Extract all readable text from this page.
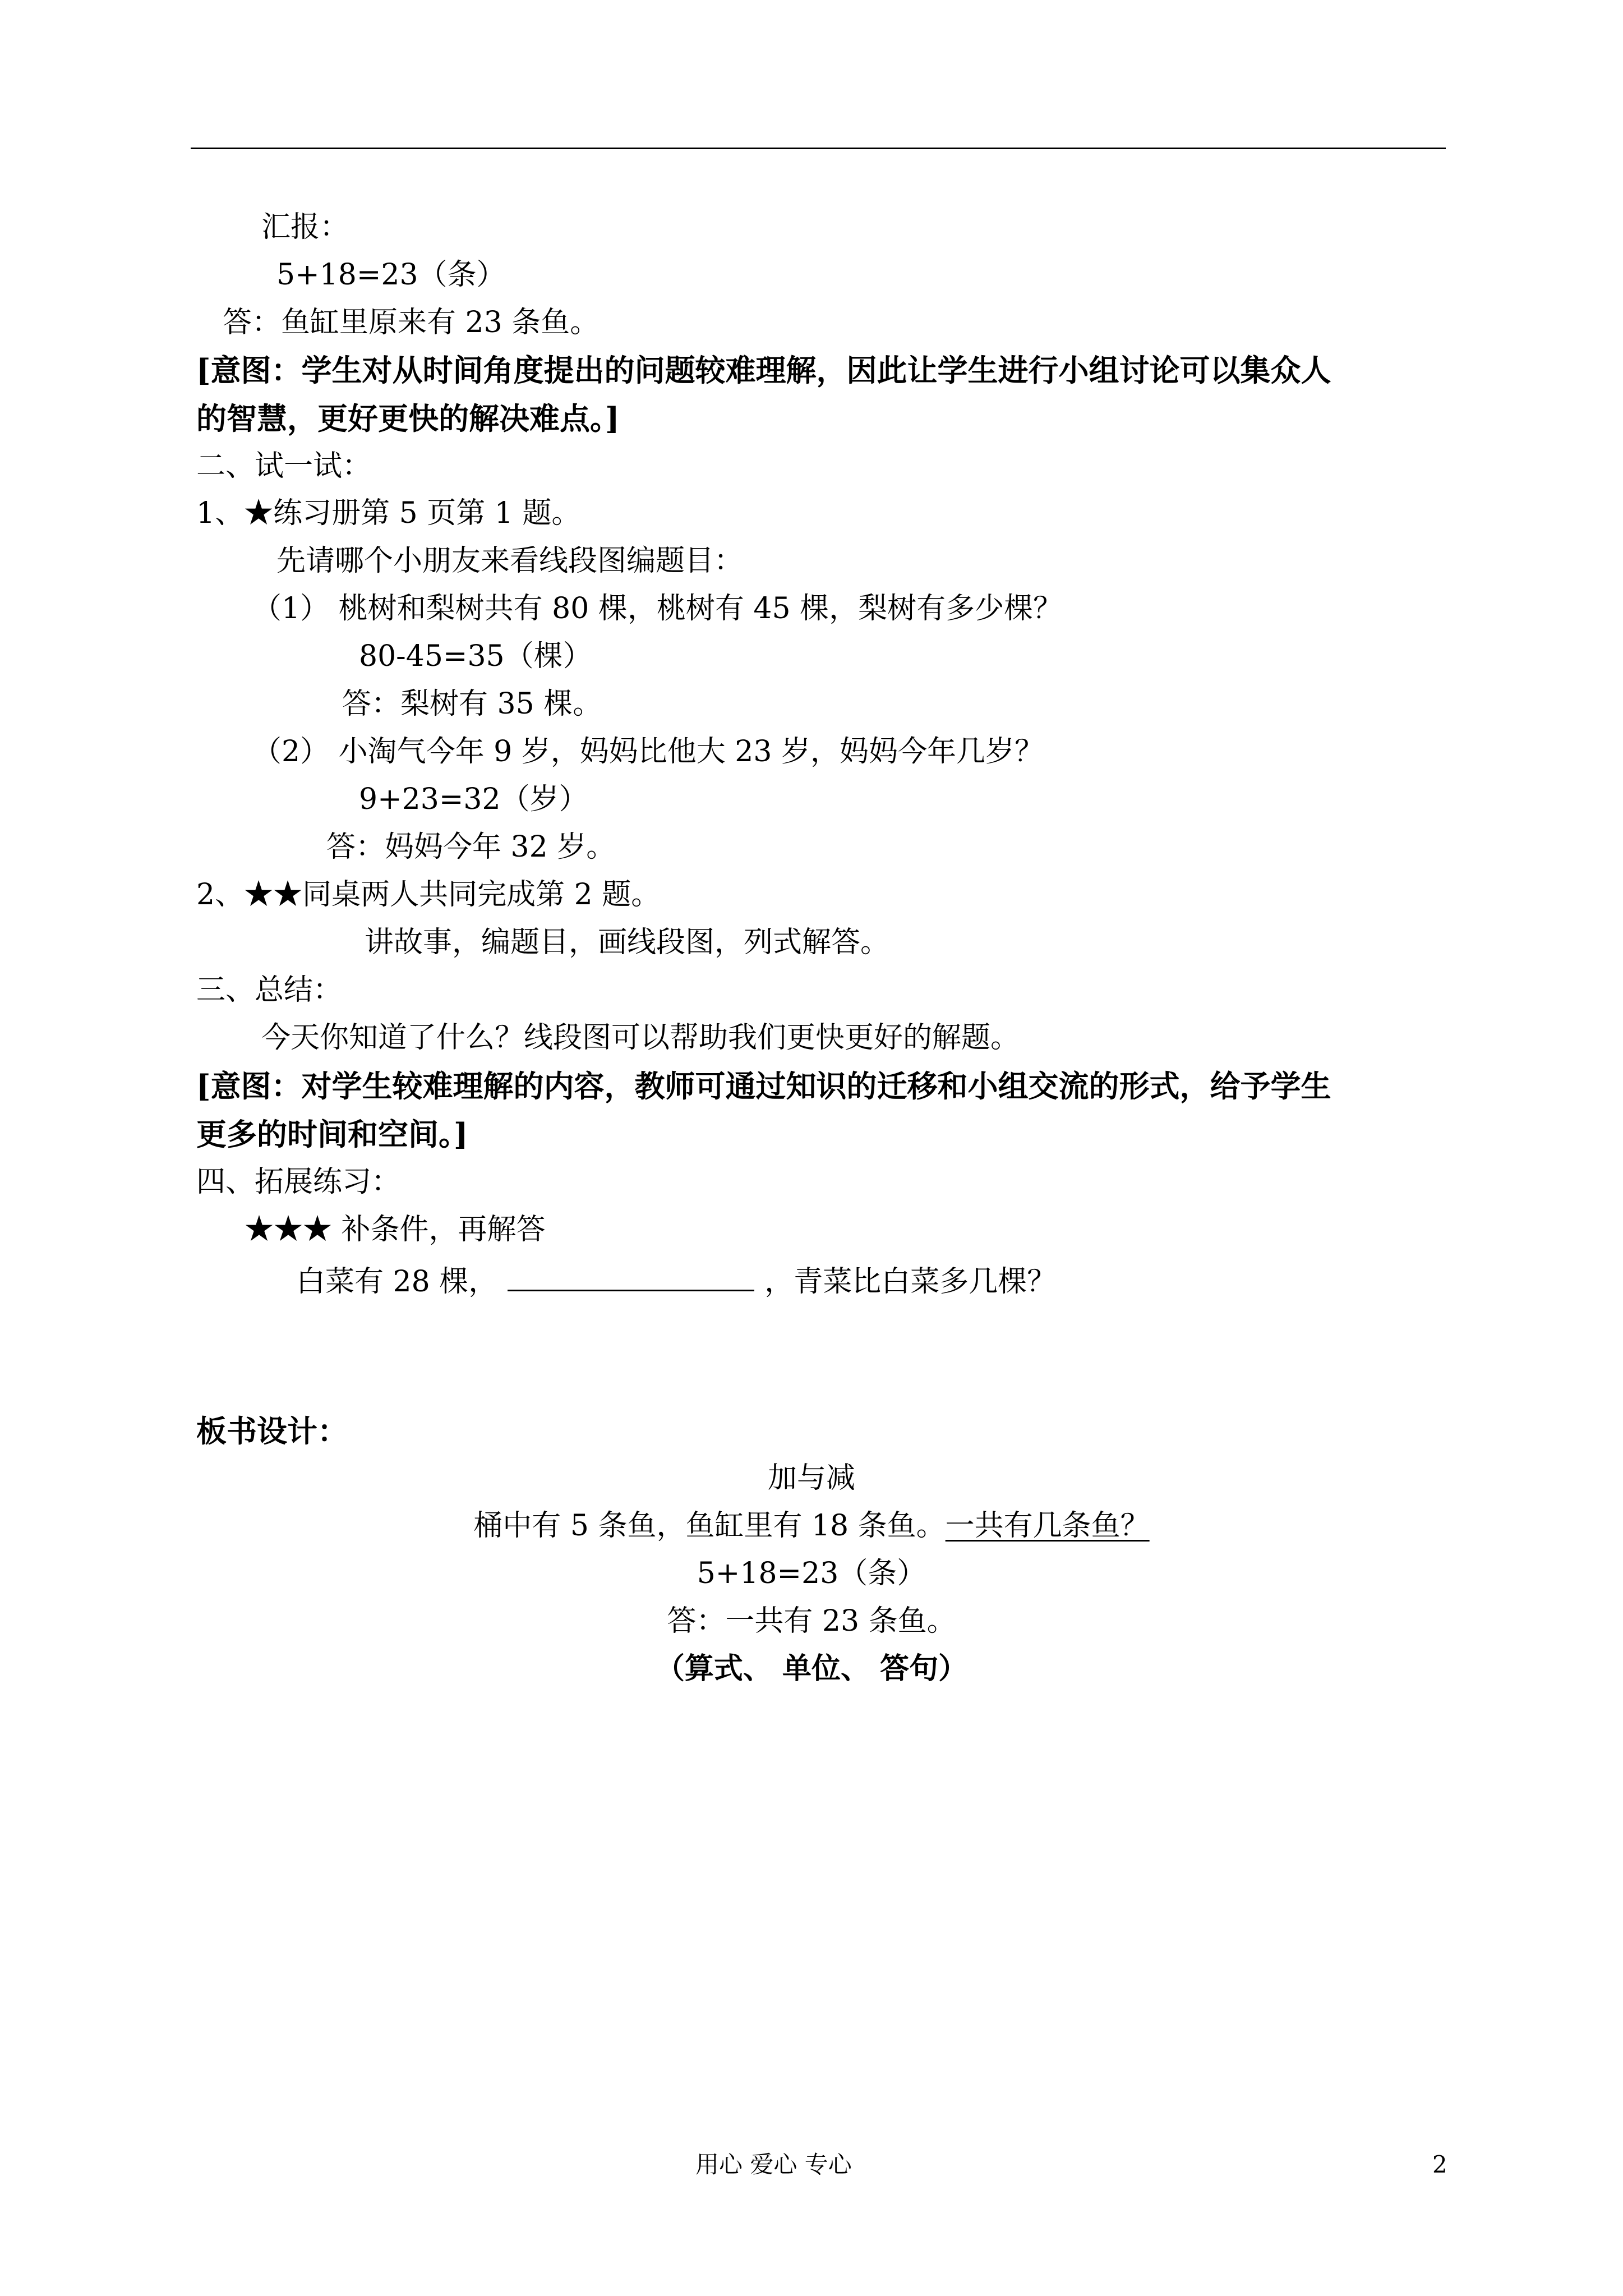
汇报：
5+18=23（条）
答：鱼缸里原来有 23 条鱼。
[意图：学生对从时间角度提出的问题较难理解，因此让学生进行小组讨论可以集众人
的智慧，更好更快的解决难点。]
二、试一试：
1、★练习册第 5 页第 1 题。
先请哪个小朋友来看线段图编题目：
（1） 桃树和梨树共有 80 棵，桃树有 45 棵，梨树有多少棵？
80-45=35（棵）
答：梨树有 35 棵。
（2） 小淘气今年 9 岁，妈妈比他大 23 岁，妈妈今年几岁？
9+23=32（岁）
答：妈妈今年 32 岁。
2、★★同桌两人共同完成第 2 题。
讲故事，编题目，画线段图，列式解答。
三、总结：
今天你知道了什么？线段图可以帮助我们更快更好的解题。
[意图：对学生较难理解的内容，教师可通过知识的迁移和小组交流的形式，给予学生
更多的时间和空间。]
四、拓展练习：
★★★ 补条件，再解答
白菜有 28 棵，	，青菜比白菜多几棵？
板书设计：
加与减
桶中有 5 条鱼，鱼缸里有 18 条鱼。一共有几条鱼？
5+18=23（条）
答：一共有 23 条鱼。
（算式、 单位、 答句）
用心 爱心 专心	2
